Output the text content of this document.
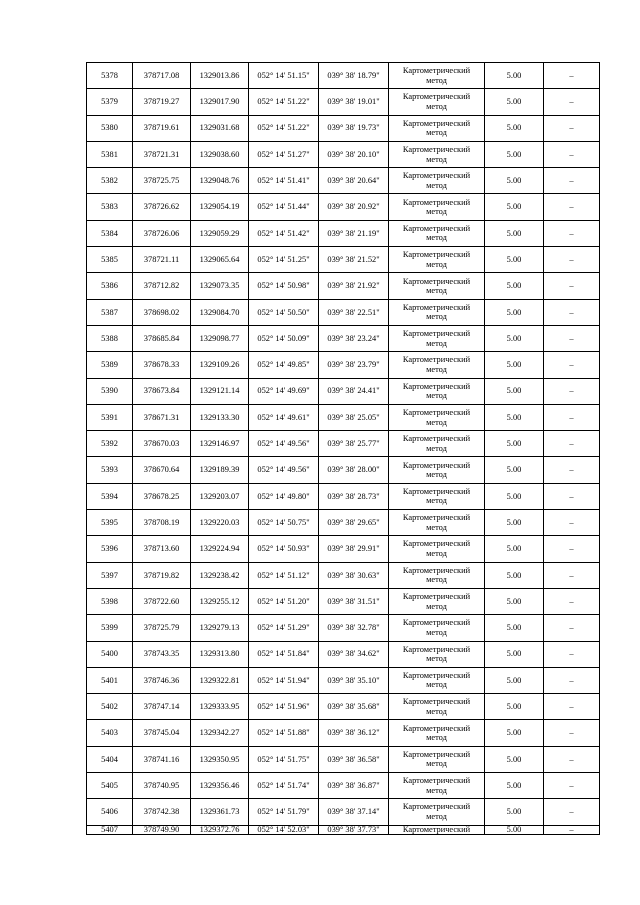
5378	378717.08	1329013.86	052° 14' 51.15"	039° 38' 18.79"	Картометрический
метод	5.00	–
5379	378719.27	1329017.90	052° 14' 51.22"	039° 38' 19.01"	Картометрический
метод	5.00	–
5380	378719.61	1329031.68	052° 14' 51.22"	039° 38' 19.73"	Картометрический
метод	5.00	–
5381	378721.31	1329038.60	052° 14' 51.27"	039° 38' 20.10"	Картометрический
метод	5.00	–
5382	378725.75	1329048.76	052° 14' 51.41"	039° 38' 20.64"	Картометрический
метод	5.00	–
5383	378726.62	1329054.19	052° 14' 51.44"	039° 38' 20.92"	Картометрический
метод	5.00	–
5384	378726.06	1329059.29	052° 14' 51.42"	039° 38' 21.19"	Картометрический
метод	5.00	–
5385	378721.11	1329065.64	052° 14' 51.25"	039° 38' 21.52"	Картометрический
метод	5.00	–
5386	378712.82	1329073.35	052° 14' 50.98"	039° 38' 21.92"	Картометрический
метод	5.00	–
5387	378698.02	1329084.70	052° 14' 50.50"	039° 38' 22.51"	Картометрический
метод	5.00	–
5388	378685.84	1329098.77	052° 14' 50.09"	039° 38' 23.24"	Картометрический
метод	5.00	–
5389	378678.33	1329109.26	052° 14' 49.85"	039° 38' 23.79"	Картометрический
метод	5.00	–
5390	378673.84	1329121.14	052° 14' 49.69"	039° 38' 24.41"	Картометрический
метод	5.00	–
5391	378671.31	1329133.30	052° 14' 49.61"	039° 38' 25.05"	Картометрический
метод	5.00	–
5392	378670.03	1329146.97	052° 14' 49.56"	039° 38' 25.77"	Картометрический
метод	5.00	–
5393	378670.64	1329189.39	052° 14' 49.56"	039° 38' 28.00"	Картометрический
метод	5.00	–
5394	378678.25	1329203.07	052° 14' 49.80"	039° 38' 28.73"	Картометрический
метод	5.00	–
5395	378708.19	1329220.03	052° 14' 50.75"	039° 38' 29.65"	Картометрический
метод	5.00	–
5396	378713.60	1329224.94	052° 14' 50.93"	039° 38' 29.91"	Картометрический
метод	5.00	–
5397	378719.82	1329238.42	052° 14' 51.12"	039° 38' 30.63"	Картометрический
метод	5.00	–
5398	378722.60	1329255.12	052° 14' 51.20"	039° 38' 31.51"	Картометрический
метод	5.00	–
5399	378725.79	1329279.13	052° 14' 51.29"	039° 38' 32.78"	Картометрический
метод	5.00	–
5400	378743.35	1329313.80	052° 14' 51.84"	039° 38' 34.62"	Картометрический
метод	5.00	–
5401	378746.36	1329322.81	052° 14' 51.94"	039° 38' 35.10"	Картометрический
метод	5.00	–
5402	378747.14	1329333.95	052° 14' 51.96"	039° 38' 35.68"	Картометрический
метод	5.00	–
5403	378745.04	1329342.27	052° 14' 51.88"	039° 38' 36.12"	Картометрический
метод	5.00	–
5404	378741.16	1329350.95	052° 14' 51.75"	039° 38' 36.58"	Картометрический
метод	5.00	–
5405	378740.95	1329356.46	052° 14' 51.74"	039° 38' 36.87"	Картометрический
метод	5.00	–
5406	378742.38	1329361.73	052° 14' 51.79"	039° 38' 37.14"	Картометрический
метод	5.00	–
5407	378749.90	1329372.76	052° 14' 52.03"	039° 38' 37.73"	Картометрический	5.00	–
